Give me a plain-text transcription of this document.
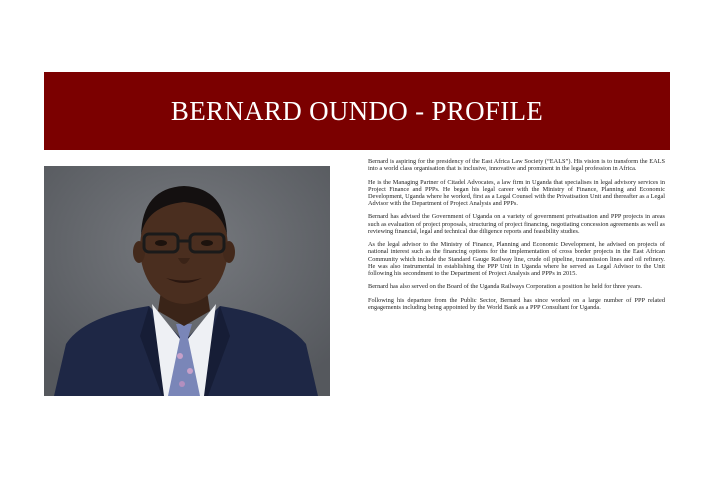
BERNARD OUNDO - PROFILE

Bernard is aspiring for the presidency of the East Africa Law Society (“EALS”). His vision is to transform the EALS into a world class organisation that is inclusive, innovative and prominent in the legal profession in Africa.

He is the Managing Partner of Citadel Advocates, a law firm in Uganda that specialises in legal advisory services in Project Finance and PPPs. He began his legal career with the Ministry of Finance, Planning and Economic Development, Uganda where he worked, first as a Legal Counsel with the Privatisation Unit and thereafter as a Legal Advisor with the Department of Project Analysis and PPPs.

Bernard has advised the Government of Uganda on a variety of government privatisation and PPP projects in areas such as evaluation of project proposals, structuring of project financing, negotiating concession agreements as well as reviewing financial, legal and technical due diligence reports and feasibility studies.

As the legal advisor to the Ministry of Finance, Planning and Economic Development, he advised on projects of national interest such as the financing options for the implementation of cross border projects in the East African Community which include the Standard Gauge Railway line, crude oil pipeline, transmission lines and oil refinery. He was also instrumental in establishing the PPP Unit in Uganda where he served as Legal Advisor to the Unit following his secondment to the Department of Project Analysis and PPPs in 2015.

Bernard has also served on the Board of the Uganda Railways Corporation a position he held for three years.

Following his departure from the Public Sector, Bernard has since worked on a large number of PPP related engagements including being appointed by the World Bank as a PPP Consultant for Uganda.
